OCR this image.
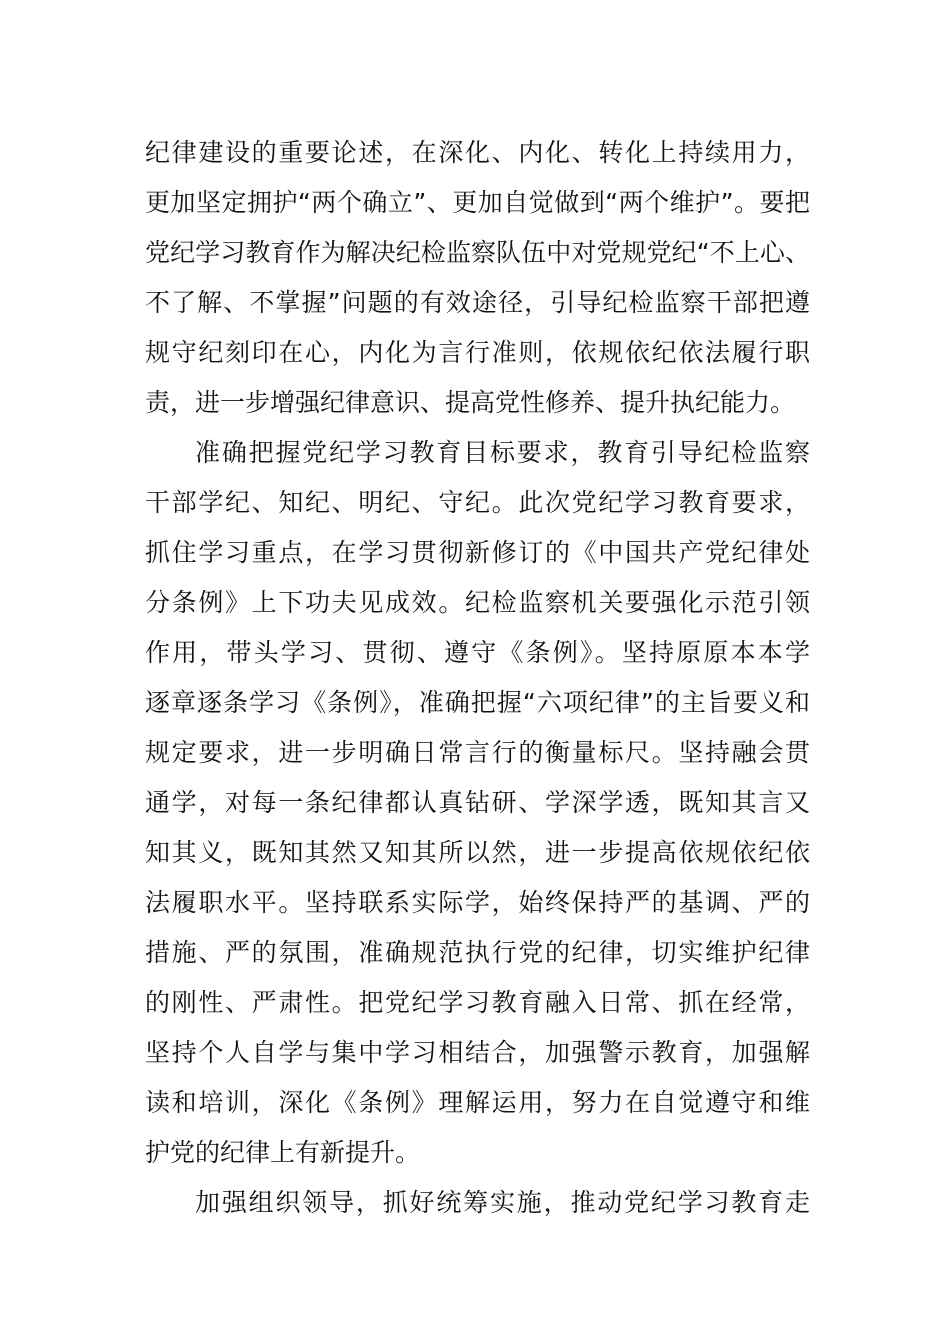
纪律建设的重要论述，在深化、内化、转化上持续用力，
更加坚定拥护“两个确立”、更加自觉做到“两个维护”。要把
党纪学习教育作为解决纪检监察队伍中对党规党纪“不上心、
不了解、不掌握”问题的有效途径，引导纪检监察干部把遵
规守纪刻印在心，内化为言行准则，依规依纪依法履行职
责，进一步增强纪律意识、提高党性修养、提升执纪能力。
准确把握党纪学习教育目标要求，教育引导纪检监察
干部学纪、知纪、明纪、守纪。此次党纪学习教育要求，
抓住学习重点，在学习贯彻新修订的《中国共产党纪律处
分条例》上下功夫见成效。纪检监察机关要强化示范引领
作用，带头学习、贯彻、遵守《条例》。坚持原原本本学
逐章逐条学习《条例》，准确把握“六项纪律”的主旨要义和
规定要求，进一步明确日常言行的衡量标尺。坚持融会贯
通学，对每一条纪律都认真钻研、学深学透，既知其言又
知其义，既知其然又知其所以然，进一步提高依规依纪依
法履职水平。坚持联系实际学，始终保持严的基调、严的
措施、严的氛围，准确规范执行党的纪律，切实维护纪律
的刚性、严肃性。把党纪学习教育融入日常、抓在经常，
坚持个人自学与集中学习相结合，加强警示教育，加强解
读和培训，深化《条例》理解运用，努力在自觉遵守和维
护党的纪律上有新提升。
加强组织领导，抓好统筹实施，推动党纪学习教育走
